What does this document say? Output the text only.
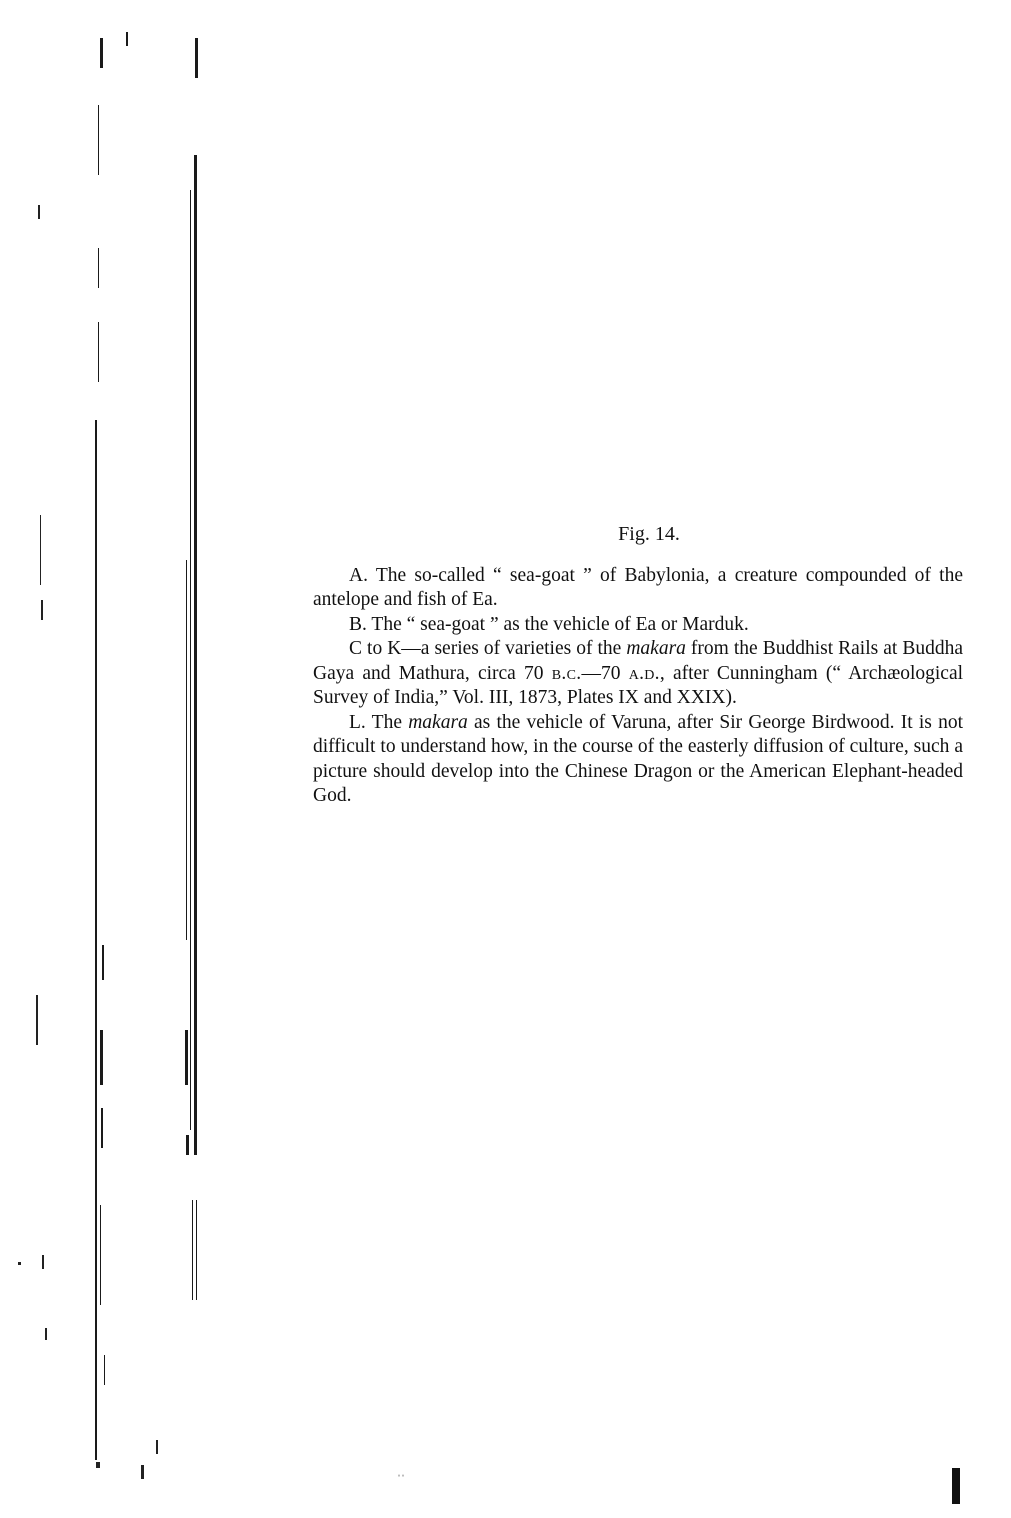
Fig. 14.

A. The so-called “ sea-goat ” of Babylonia, a creature compounded of the antelope and fish of Ea.

B. The “ sea-goat ” as the vehicle of Ea or Marduk.

C to K—a series of varieties of the makara from the Buddhist Rails at Buddha Gaya and Mathura, circa 70 b.c.—70 a.d., after Cunningham (“ Archæological Survey of India,” Vol. III, 1873, Plates IX and XXIX).

L. The makara as the vehicle of Varuna, after Sir George Birdwood. It is not difficult to understand how, in the course of the easterly diffusion of culture, such a picture should develop into the Chinese Dragon or the American Elephant-headed God.

ˈˈ
